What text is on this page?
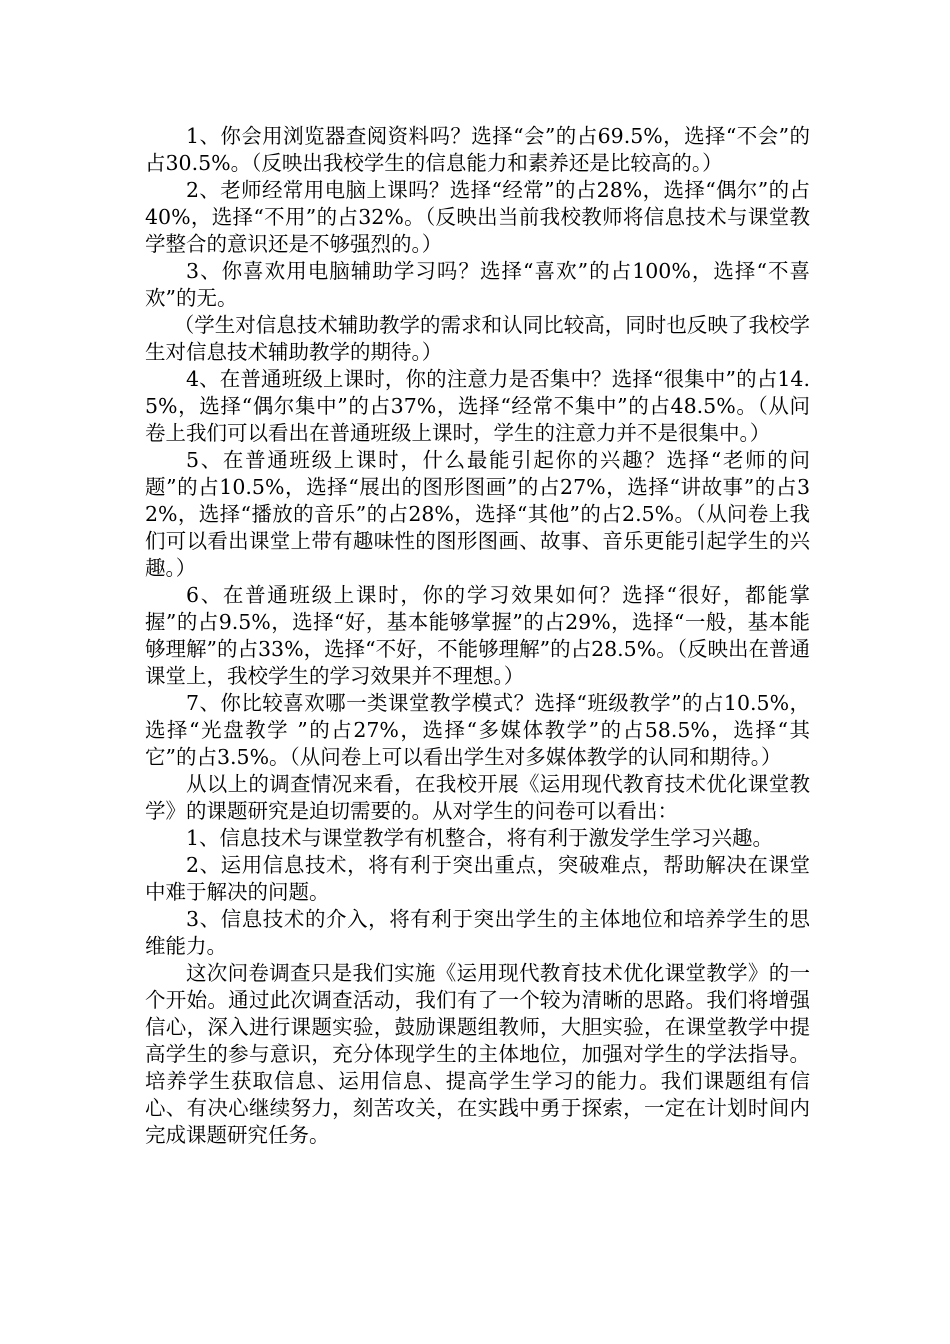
1、你会用浏览器查阅资料吗？选择“会”的占69.5%，选择“不会”的占30.5%。（反映出我校学生的信息能力和素养还是比较高的。）

2、老师经常用电脑上课吗？选择“经常”的占28%，选择“偶尔”的占40%，选择“不用”的占32%。（反映出当前我校教师将信息技术与课堂教学整合的意识还是不够强烈的。）

3、你喜欢用电脑辅助学习吗？选择“喜欢”的占100%，选择“不喜欢”的无。

（学生对信息技术辅助教学的需求和认同比较高，同时也反映了我校学生对信息技术辅助教学的期待。）

4、在普通班级上课时，你的注意力是否集中？选择“很集中”的占14.5%，选择“偶尔集中”的占37%，选择“经常不集中”的占48.5%。（从问卷上我们可以看出在普通班级上课时，学生的注意力并不是很集中。）

5、在普通班级上课时，什么最能引起你的兴趣？选择“老师的问题”的占10.5%，选择“展出的图形图画”的占27%，选择“讲故事”的占32%，选择“播放的音乐”的占28%，选择“其他”的占2.5%。（从问卷上我们可以看出课堂上带有趣味性的图形图画、故事、音乐更能引起学生的兴趣。）

6、在普通班级上课时，你的学习效果如何？选择“很好，都能掌握”的占9.5%，选择“好，基本能够掌握”的占29%，选择“一般，基本能够理解”的占33%，选择“不好，不能够理解”的占28.5%。（反映出在普通课堂上，我校学生的学习效果并不理想。）

7、你比较喜欢哪一类课堂教学模式？选择“班级教学”的占10.5%，选择“光盘教学 ”的占27%，选择“多媒体教学”的占58.5%，选择“其它”的占3.5%。（从问卷上可以看出学生对多媒体教学的认同和期待。）

从以上的调查情况来看，在我校开展《运用现代教育技术优化课堂教学》的课题研究是迫切需要的。从对学生的问卷可以看出：

1、信息技术与课堂教学有机整合，将有利于激发学生学习兴趣。

2、运用信息技术，将有利于突出重点，突破难点，帮助解决在课堂中难于解决的问题。

3、信息技术的介入，将有利于突出学生的主体地位和培养学生的思维能力。

这次问卷调查只是我们实施《运用现代教育技术优化课堂教学》的一个开始。通过此次调查活动，我们有了一个较为清晰的思路。我们将增强信心，深入进行课题实验，鼓励课题组教师，大胆实验，在课堂教学中提高学生的参与意识，充分体现学生的主体地位，加强对学生的学法指导。培养学生获取信息、运用信息、提高学生学习的能力。我们课题组有信心、有决心继续努力，刻苦攻关，在实践中勇于探索，一定在计划时间内完成课题研究任务。
